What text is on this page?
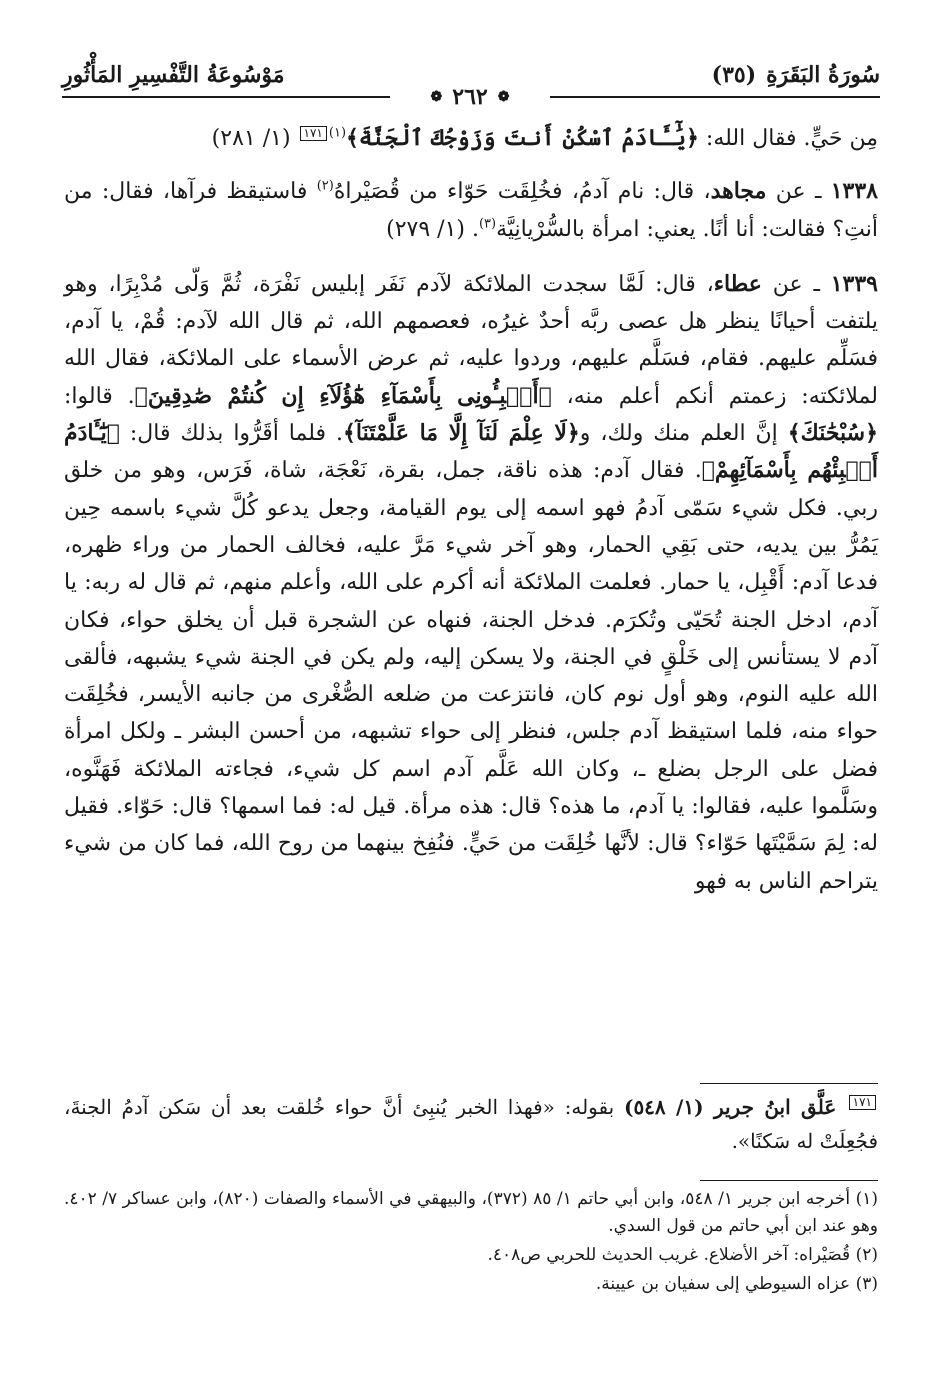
سُورَةُ البَقَرَةِ
(٣٥)
مَوْسُوعَةُ التَّفْسِيرِ المَأْثُورِ
❁
٢٦٢
❁

مِن حَيٍّ. فقال الله: ﴿يَٰٓـَٔادَمُ ٱسْكُنْ أَنتَ وَزَوْجُكَ ٱلْجَنَّةَ﴾$^{(١)}$١٧١ (١/ ٢٨١)

١٣٣٨ ـ عن مجاهد، قال: نام آدمُ، فخُلِقَت حَوّاء من قُصَيْراهُ$^{(٢)}$ فاستيقظ فرآها، فقال: من أنتِ؟ فقالت: أنا أنًا. يعني: امرأة بالسُّرْيانِيَّة$^{(٣)}$. (١/ ٢٧٩)

١٣٣٩ ـ عن عطاء، قال: لَمَّا سجدت الملائكة لآدم نَفَر إبليس نَفْرَة، ثُمَّ وَلّى مُدْبِرًا، وهو يلتفت أحيانًا ينظر هل عصى ربَّه أحدٌ غيرُه، فعصمهم الله، ثم قال الله لآدم: قُمْ، يا آدم، فسَلِّم عليهم. فقام، فسَلَّم عليهم، وردوا عليه، ثم عرض الأسماء على الملائكة، فقال الله لملائكته: زعمتم أنكم أعلم منه، ﴿أَنۢبِـُٔونِى بِأَسْمَآءِ هَٰٓؤُلَآءِ إِن كُنتُمْ صَٰدِقِينَ﴾. قالوا: ﴿سُبْحَٰنَكَ﴾ إنَّ العلم منك ولك، و﴿لَا عِلْمَ لَنَآ إِلَّا مَا عَلَّمْتَنَآ﴾. فلما أقَرُّوا بذلك قال: ﴿يَٰٓـَٔادَمُ أَنۢبِئْهُم بِأَسْمَآئِهِمْ﴾. فقال آدم: هذه ناقة، جمل، بقرة، نَعْجَة، شاة، فَرَس، وهو من خلق ربي. فكل شيء سَمّى آدمُ فهو اسمه إلى يوم القيامة، وجعل يدعو كُلَّ شيء باسمه حِين يَمُرُّ بين يديه، حتى بَقِي الحمار، وهو آخر شيء مَرَّ عليه، فخالف الحمار من وراء ظهره، فدعا آدم: أَقْبِل، يا حمار. فعلمت الملائكة أنه أكرم على الله، وأعلم منهم، ثم قال له ربه: يا آدم، ادخل الجنة تُحَيّى وتُكرَم. فدخل الجنة، فنهاه عن الشجرة قبل أن يخلق حواء، فكان آدم لا يستأنس إلى خَلْقٍ في الجنة، ولا يسكن إليه، ولم يكن في الجنة شيء يشبهه، فألقى الله عليه النوم، وهو أول نوم كان، فانتزعت من ضلعه الصُّغْرى من جانبه الأيسر، فخُلِقَت حواء منه، فلما استيقظ آدم جلس، فنظر إلى حواء تشبهه، من أحسن البشر ـ ولكل امرأة فضل على الرجل بضلع ـ، وكان الله عَلَّم آدم اسم كل شيء، فجاءته الملائكة فَهَنَّوه، وسَلَّموا عليه، فقالوا: يا آدم، ما هذه؟ قال: هذه مرأة. قيل له: فما اسمها؟ قال: حَوّاء. فقيل له: لِمَ سَمَّيْتَها حَوّاء؟ قال: لأنَّها خُلِقَت من حَيٍّ. فنُفِخ بينهما من روح الله، فما كان من شيء يتراحم الناس به فهو

١٧١ عَلَّق ابنُ جرير (١/ ٥٤٨) بقوله: «فهذا الخبر يُنبِئ أنَّ حواء خُلقت بعد أن سَكن آدمُ الجنةَ، فجُعِلَتْ له سَكنًا».

(١) أخرجه ابن جرير ١/ ٥٤٨، وابن أبي حاتم ١/ ٨٥ (٣٧٢)، والبيهقي في الأسماء والصفات (٨٢٠)، وابن عساكر ٧/ ٤٠٢. وهو عند ابن أبي حاتم من قول السدي.

(٢) قُصَيْراه: آخر الأضلاع. غريب الحديث للحربي ص٤٠٨.

(٣) عزاه السيوطي إلى سفيان بن عيينة.
